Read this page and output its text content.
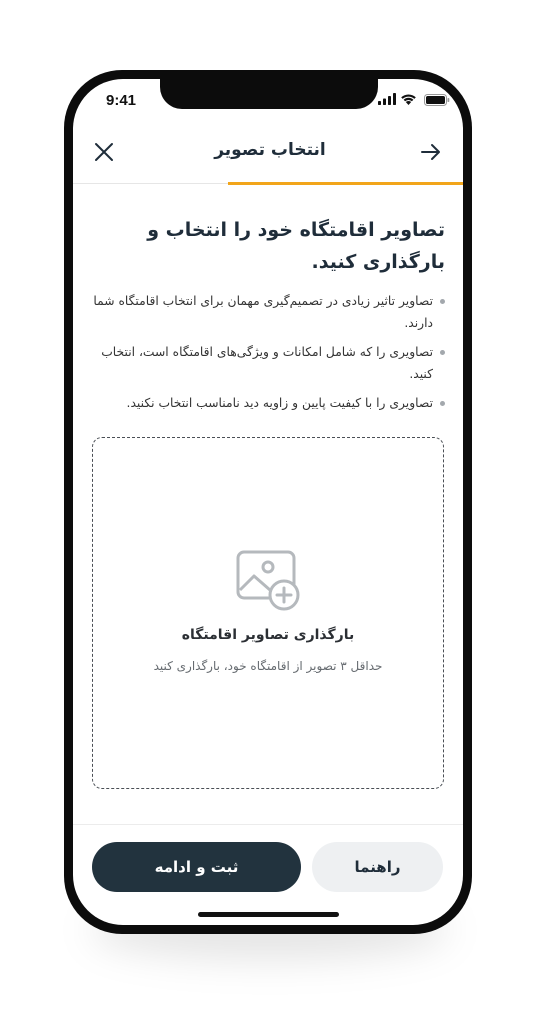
9:41
انتخاب تصویر
تصاویر اقامتگاه خود را انتخاب و بارگذاری کنید.
تصاویر تاثیر زیادی در تصمیم‌گیری مهمان برای انتخاب اقامتگاه شما دارند.
تصاویری را که شامل امکانات و ویژگی‌های اقامتگاه است، انتخاب کنید.
تصاویری را با کیفیت پایین و زاویه دید نامناسب انتخاب نکنید.
بارگذاری تصاویر اقامتگاه
حداقل ۳ تصویر از اقامتگاه خود، بارگذاری کنید
ثبت و ادامه	راهنما
